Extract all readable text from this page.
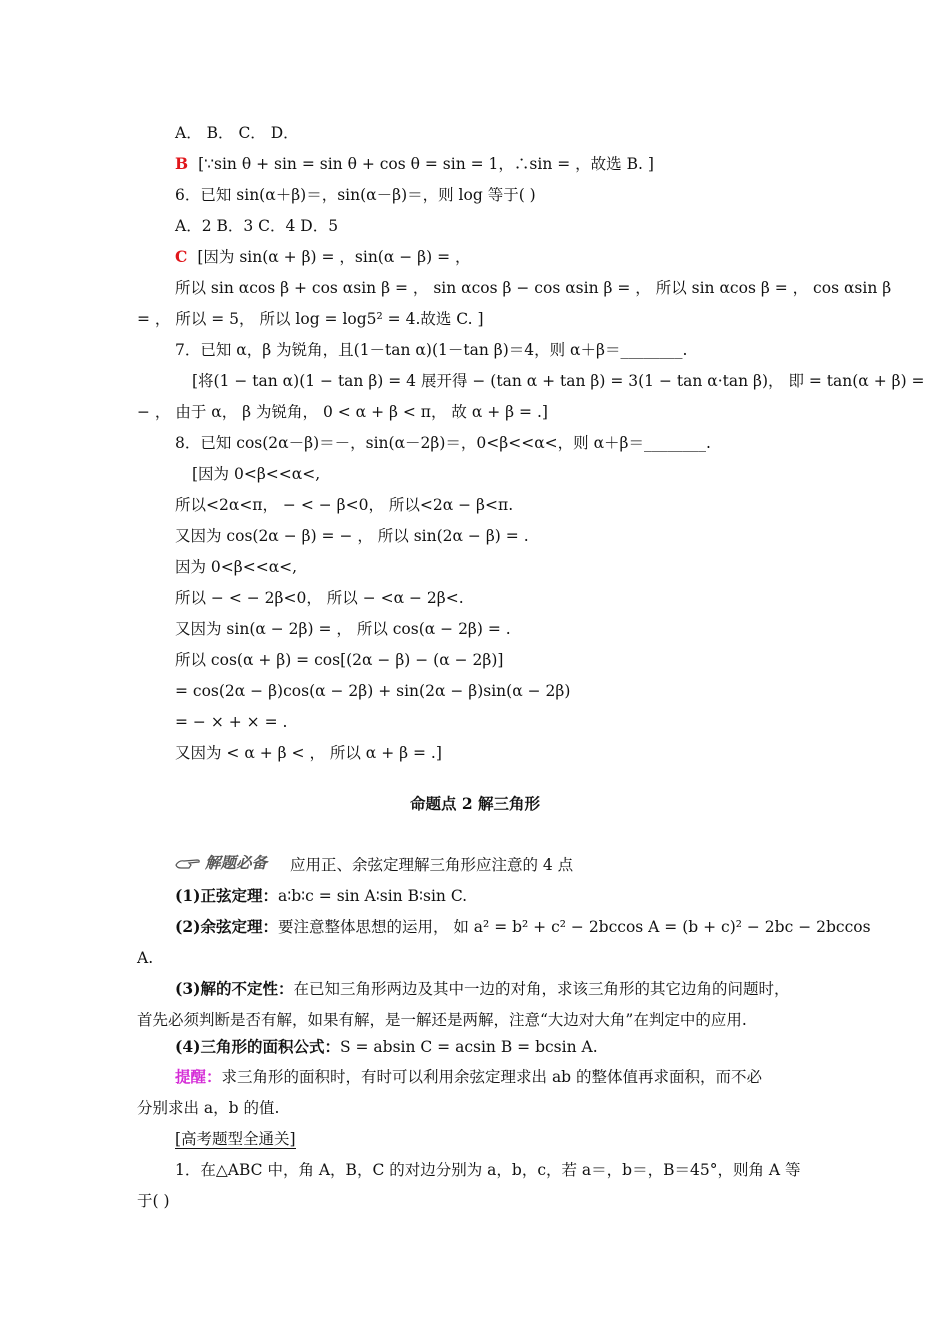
A． B． C． D．
B [∵sin θ + sin = sin θ + cos θ = sin = 1，∴sin = ，故选 B. ]
6．已知 sin(α＋β)＝，sin(α－β)＝，则 log 等于( )
A．2 B．3 C．4 D．5
C [因为 sin(α + β) = ，sin(α − β) = ，
所以 sin αcos β + cos αsin β = ， sin αcos β − cos αsin β = ， 所以 sin αcos β = ， cos αsin β
= ， 所以 = 5， 所以 log = log5² = 4.故选 C. ]
7．已知 α，β 为锐角，且(1－tan α)(1－tan β)＝4，则 α＋β＝________.
[将(1 − tan α)(1 − tan β) = 4 展开得 − (tan α + tan β) = 3(1 − tan α·tan β)， 即 = tan(α + β) =
− ， 由于 α， β 为锐角， 0 < α + β < π， 故 α + β = .]
8．已知 cos(2α－β)＝－，sin(α－2β)＝，0<β<<α<，则 α＋β＝________.
[因为 0<β<<α<,
所以<2α<π， − < − β<0， 所以<2α − β<π.
又因为 cos(2α − β) = − ， 所以 sin(2α − β) = .
因为 0<β<<α<,
所以 − < − 2β<0， 所以 − <α − 2β<.
又因为 sin(α − 2β) = ， 所以 cos(α − 2β) = .
所以 cos(α + β) = cos[(2α − β) − (α − 2β)]
= cos(2α − β)cos(α − 2β) + sin(2α − β)sin(α − 2β)
= − × + × = .
又因为 < α + β < ， 所以 α + β = .]
命题点 2 解三角形
解题必备 应用正、余弦定理解三角形应注意的 4 点
(1)正弦定理：a∶b∶c = sin A∶sin B∶sin C.
(2)余弦定理：要注意整体思想的运用， 如 a² = b² + c² − 2bccos A = (b + c)² − 2bc − 2bccos
A.
(3)解的不定性：在已知三角形两边及其中一边的对角，求该三角形的其它边角的问题时，
首先必须判断是否有解，如果有解，是一解还是两解，注意“大边对大角”在判定中的应用.
(4)三角形的面积公式：S = absin C = acsin B = bcsin A.
提醒：求三角形的面积时，有时可以利用余弦定理求出 ab 的整体值再求面积，而不必
分别求出 a，b 的值.
[高考题型全通关]
1．在△ABC 中，角 A，B，C 的对边分别为 a，b，c，若 a＝，b＝，B＝45°，则角 A 等
于( )
